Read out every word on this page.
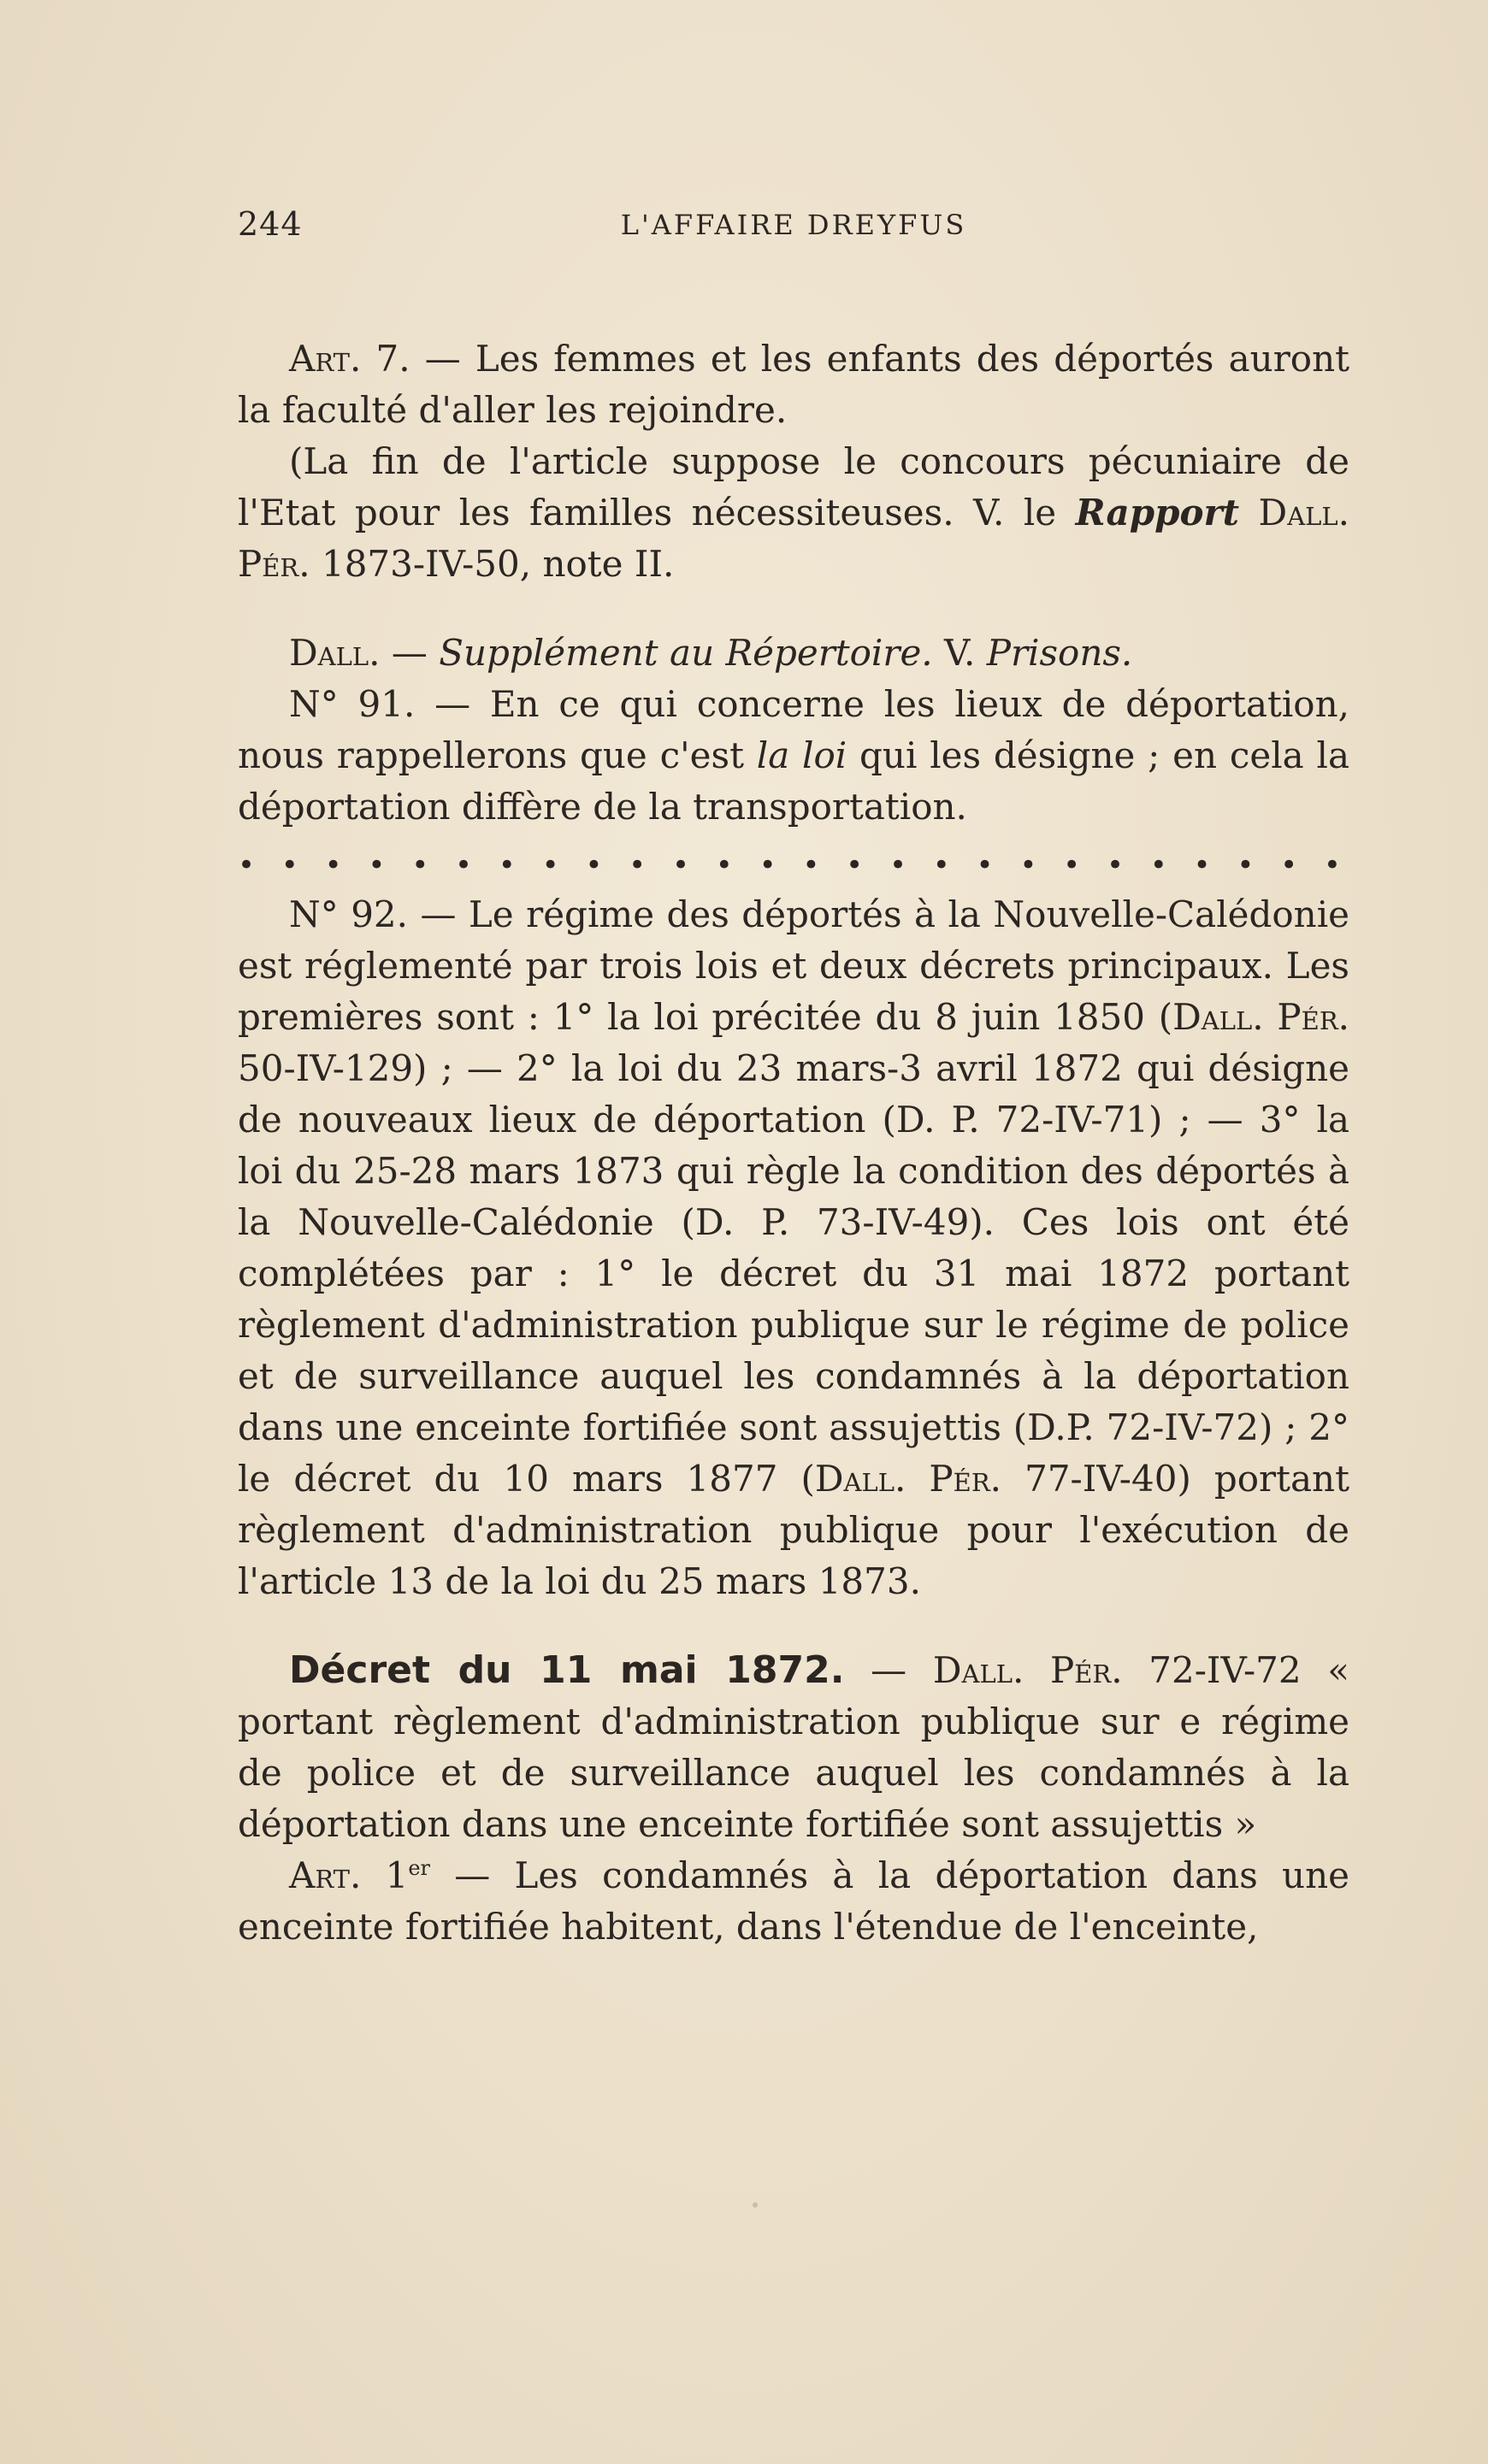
244	L'AFFAIRE DREYFUS

Art. 7. — Les femmes et les enfants des déportés auront la faculté d'aller les rejoindre.

(La fin de l'article suppose le concours pécuniaire de l'Etat pour les familles nécessiteuses. V. le Rapport Dall. Pér. 1873-IV-50, note II.

Dall. — Supplément au Répertoire. V. Prisons.

N° 91. — En ce qui concerne les lieux de déportation, nous rappellerons que c'est la loi qui les désigne ; en cela la déportation diffère de la transportation.

• • • • • • • • • • • • • • • • • • • • • • • • • •

N° 92. — Le régime des déportés à la Nouvelle-Calédonie est réglementé par trois lois et deux décrets principaux. Les premières sont : 1° la loi précitée du 8 juin 1850 (Dall. Pér. 50-IV-129) ; — 2° la loi du 23 mars-3 avril 1872 qui désigne de nouveaux lieux de déportation (D. P. 72-IV-71) ; — 3° la loi du 25-28 mars 1873 qui règle la condition des déportés à la Nouvelle-Calédonie (D. P. 73-IV-49). Ces lois ont été complétées par : 1° le décret du 31 mai 1872 portant règlement d'administration publique sur le régime de police et de surveillance auquel les condamnés à la déportation dans une enceinte fortifiée sont assujettis (D.P. 72-IV-72) ; 2° le décret du 10 mars 1877 (Dall. Pér. 77-IV-40) portant règlement d'administration publique pour l'exécution de l'article 13 de la loi du 25 mars 1873.

Décret du 11 mai 1872. — Dall. Pér. 72-IV-72 « portant règlement d'administration publique sur e régime de police et de surveillance auquel les condamnés à la déportation dans une enceinte fortifiée sont assujettis »

Art. 1er — Les condamnés à la déportation dans une enceinte fortifiée habitent, dans l'étendue de l'enceinte,
